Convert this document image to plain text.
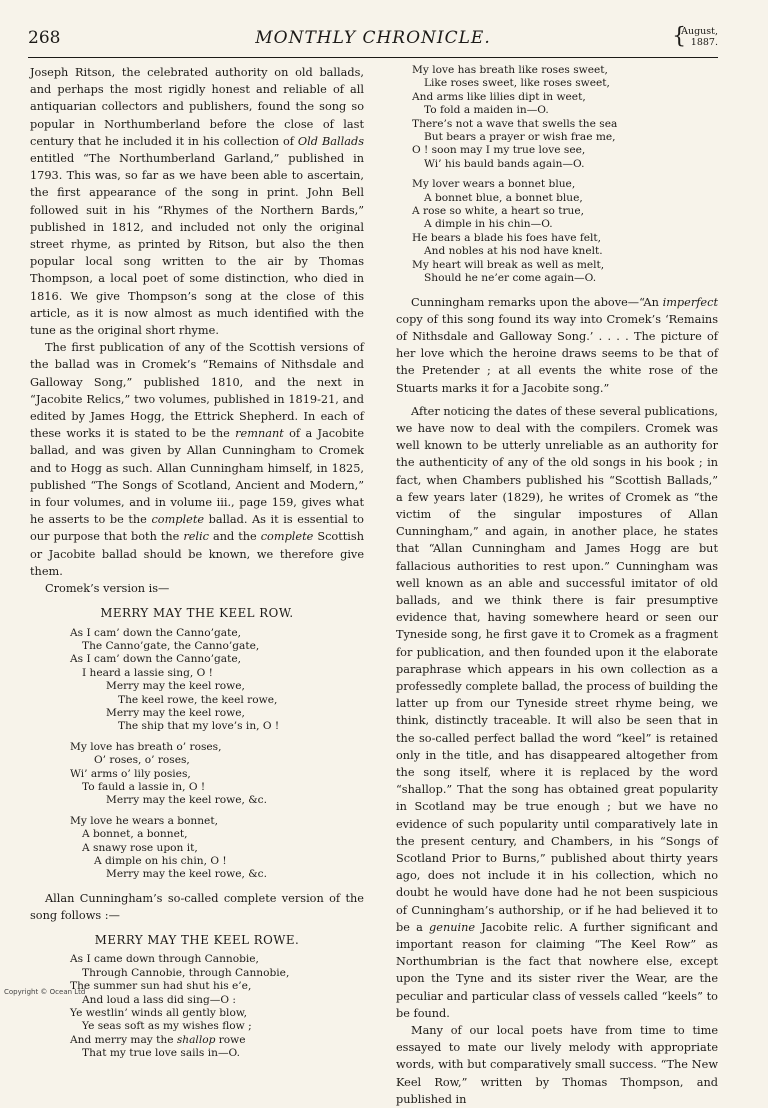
268	MONTHLY CHRONICLE.	{
August,
1887.

Joseph Ritson, the celebrated authority on old ballads, and perhaps the most rigidly honest and reliable of all antiquarian collectors and publishers, found the song so popular in Northumberland before the close of last century that he included it in his collection of Old Ballads entitled “The Northumberland Garland,” published in 1793. This was, so far as we have been able to ascertain, the first appearance of the song in print. John Bell followed suit in his “Rhymes of the Northern Bards,” published in 1812, and included not only the original street rhyme, as printed by Ritson, but also the then popular local song written to the air by Thomas Thompson, a local poet of some distinction, who died in 1816. We give Thompson’s song at the close of this article, as it is now almost as much identified with the tune as the original short rhyme.

The first publication of any of the Scottish versions of the ballad was in Cromek’s “Remains of Nithsdale and Galloway Song,” published 1810, and the next in “Jacobite Relics,” two volumes, published in 1819-21, and edited by James Hogg, the Ettrick Shepherd. In each of these works it is stated to be the remnant of a Jacobite ballad, and was given by Allan Cunningham to Cromek and to Hogg as such. Allan Cunningham himself, in 1825, published “The Songs of Scotland, Ancient and Modern,” in four volumes, and in volume iii., page 159, gives what he asserts to be the complete ballad. As it is essential to our purpose that both the relic and the complete Scottish or Jacobite ballad should be known, we therefore give them.

Cromek’s version is—

MERRY MAY THE KEEL ROW.
As I cam’ down the Canno’gate,
The Canno’gate, the Canno’gate,
As I cam’ down the Canno’gate,
I heard a lassie sing, O !
Merry may the keel rowe,
The keel rowe, the keel rowe,
Merry may the keel rowe,
The ship that my love’s in, O !
My love has breath o’ roses,
O’ roses, o’ roses,
Wi’ arms o’ lily posies,
To fauld a lassie in, O !
Merry may the keel rowe, &c.
My love he wears a bonnet,
A bonnet, a bonnet,
A snawy rose upon it,
A dimple on his chin, O !
Merry may the keel rowe, &c.

Allan Cunningham’s so-called complete version of the song follows :—

MERRY MAY THE KEEL ROWE.
As I came down through Cannobie,
Through Cannobie, through Cannobie,
The summer sun had shut his e’e,
And loud a lass did sing—O :
Ye westlin’ winds all gently blow,
Ye seas soft as my wishes flow ;
And merry may the shallop rowe
That my true love sails in—O.
My love has breath like roses sweet,
Like roses sweet, like roses sweet,
And arms like lilies dipt in weet,
To fold a maiden in—O.
There’s not a wave that swells the sea
But bears a prayer or wish frae me,
O ! soon may I my true love see,
Wi’ his bauld bands again—O.
My lover wears a bonnet blue,
A bonnet blue, a bonnet blue,
A rose so white, a heart so true,
A dimple in his chin—O.
He bears a blade his foes have felt,
And nobles at his nod have knelt.
My heart will break as well as melt,
Should he ne’er come again—O.

Cunningham remarks upon the above—“An imperfect copy of this song found its way into Cromek’s ‘Remains of Nithsdale and Galloway Song.’ . . . . The picture of her love which the heroine draws seems to be that of the Pretender ; at all events the white rose of the Stuarts marks it for a Jacobite song.”

After noticing the dates of these several publications, we have now to deal with the compilers. Cromek was well known to be utterly unreliable as an authority for the authenticity of any of the old songs in his book ; in fact, when Chambers published his “Scottish Ballads,” a few years later (1829), he writes of Cromek as “the victim of the singular impostures of Allan Cunningham,” and again, in another place, he states that “Allan Cunningham and James Hogg are but fallacious authorities to rest upon.” Cunningham was well known as an able and successful imitator of old ballads, and we think there is fair presumptive evidence that, having somewhere heard or seen our Tyneside song, he first gave it to Cromek as a fragment for publication, and then founded upon it the elaborate paraphrase which appears in his own collection as a professedly complete ballad, the process of building the latter up from our Tyneside street rhyme being, we think, distinctly traceable. It will also be seen that in the so-called perfect ballad the word “keel” is retained only in the title, and has disappeared altogether from the song itself, where it is replaced by the word “shallop.” That the song has obtained great popularity in Scotland may be true enough ; but we have no evidence of such popularity until comparatively late in the present century, and Chambers, in his “Songs of Scotland Prior to Burns,” published about thirty years ago, does not include it in his collection, which no doubt he would have done had he not been suspicious of Cunningham’s authorship, or if he had believed it to be a genuine Jacobite relic. A further significant and important reason for claiming “The Keel Row” as Northumbrian is the fact that nowhere else, except upon the Tyne and its sister river the Wear, are the peculiar and particular class of vessels called “keels” to be found.

Many of our local poets have from time to time essayed to mate our lively melody with appropriate words, with but comparatively small success. “The New Keel Row,” written by Thomas Thompson, and published in

Copyright © Ocean Ltd
